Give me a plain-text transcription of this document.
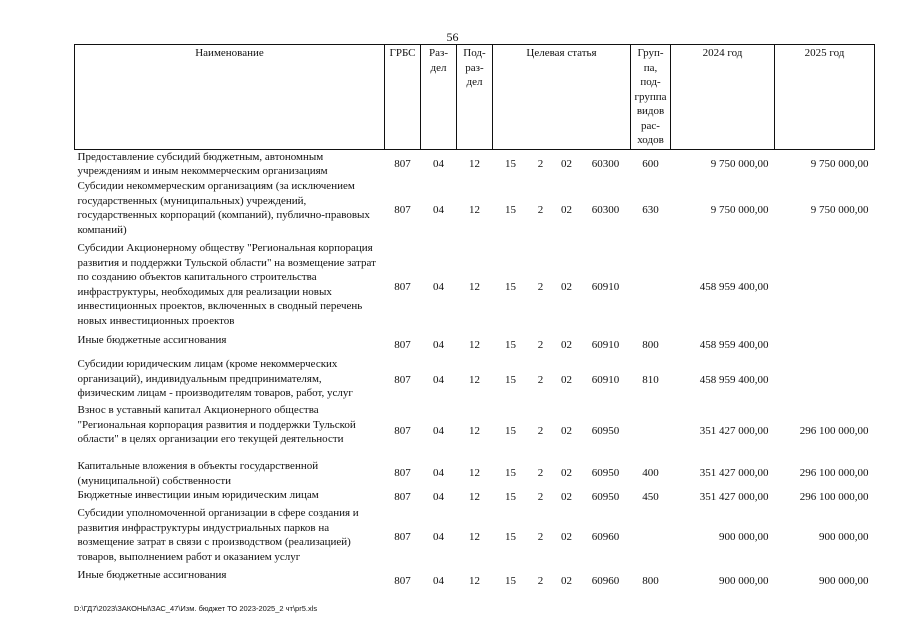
56
Наименование	ГРБС	Раз-дел	Под-раз-дел	Целевая статья				Груп-па, под-группа видов рас-ходов	2024 год	2025 год
Предоставление субсидий бюджетным, автономным учреждениям и иным некоммерческим организациям	807	04	12	15	2	02	60300	600	9 750 000,00	9 750 000,00
Субсидии некоммерческим организациям (за исключением государственных (муниципальных) учреждений, государственных корпораций (компаний), публично-правовых компаний)	807	04	12	15	2	02	60300	630	9 750 000,00	9 750 000,00
Субсидии Акционерному обществу "Региональная корпорация развития и поддержки Тульской области" на возмещение затрат по созданию объектов капитального строительства инфраструктуры, необходимых для реализации новых инвестиционных проектов, включенных в сводный перечень новых инвестиционных проектов	807	04	12	15	2	02	60910		458 959 400,00	
Иные бюджетные ассигнования	807	04	12	15	2	02	60910	800	458 959 400,00	
Субсидии юридическим лицам (кроме некоммерческих организаций), индивидуальным предпринимателям, физическим лицам - производителям товаров, работ, услуг	807	04	12	15	2	02	60910	810	458 959 400,00	
Взнос в уставный капитал Акционерного общества "Региональная корпорация развития и поддержки Тульской области" в целях организации его текущей деятельности	807	04	12	15	2	02	60950		351 427 000,00	296 100 000,00
Капитальные вложения в объекты государственной (муниципальной) собственности	807	04	12	15	2	02	60950	400	351 427 000,00	296 100 000,00
Бюджетные инвестиции иным юридическим лицам	807	04	12	15	2	02	60950	450	351 427 000,00	296 100 000,00
Субсидии уполномоченной организации в сфере создания и развития инфраструктуры индустриальных парков на возмещение затрат в связи с производством (реализацией) товаров, выполнением работ и оказанием услуг	807	04	12	15	2	02	60960		900 000,00	900 000,00
Иные бюджетные ассигнования	807	04	12	15	2	02	60960	800	900 000,00	900 000,00
D:\ГД7\2023\ЗАКОНЫ\ЗАС_47\Изм. бюджет ТО 2023-2025_2 чт\pr5.xls
